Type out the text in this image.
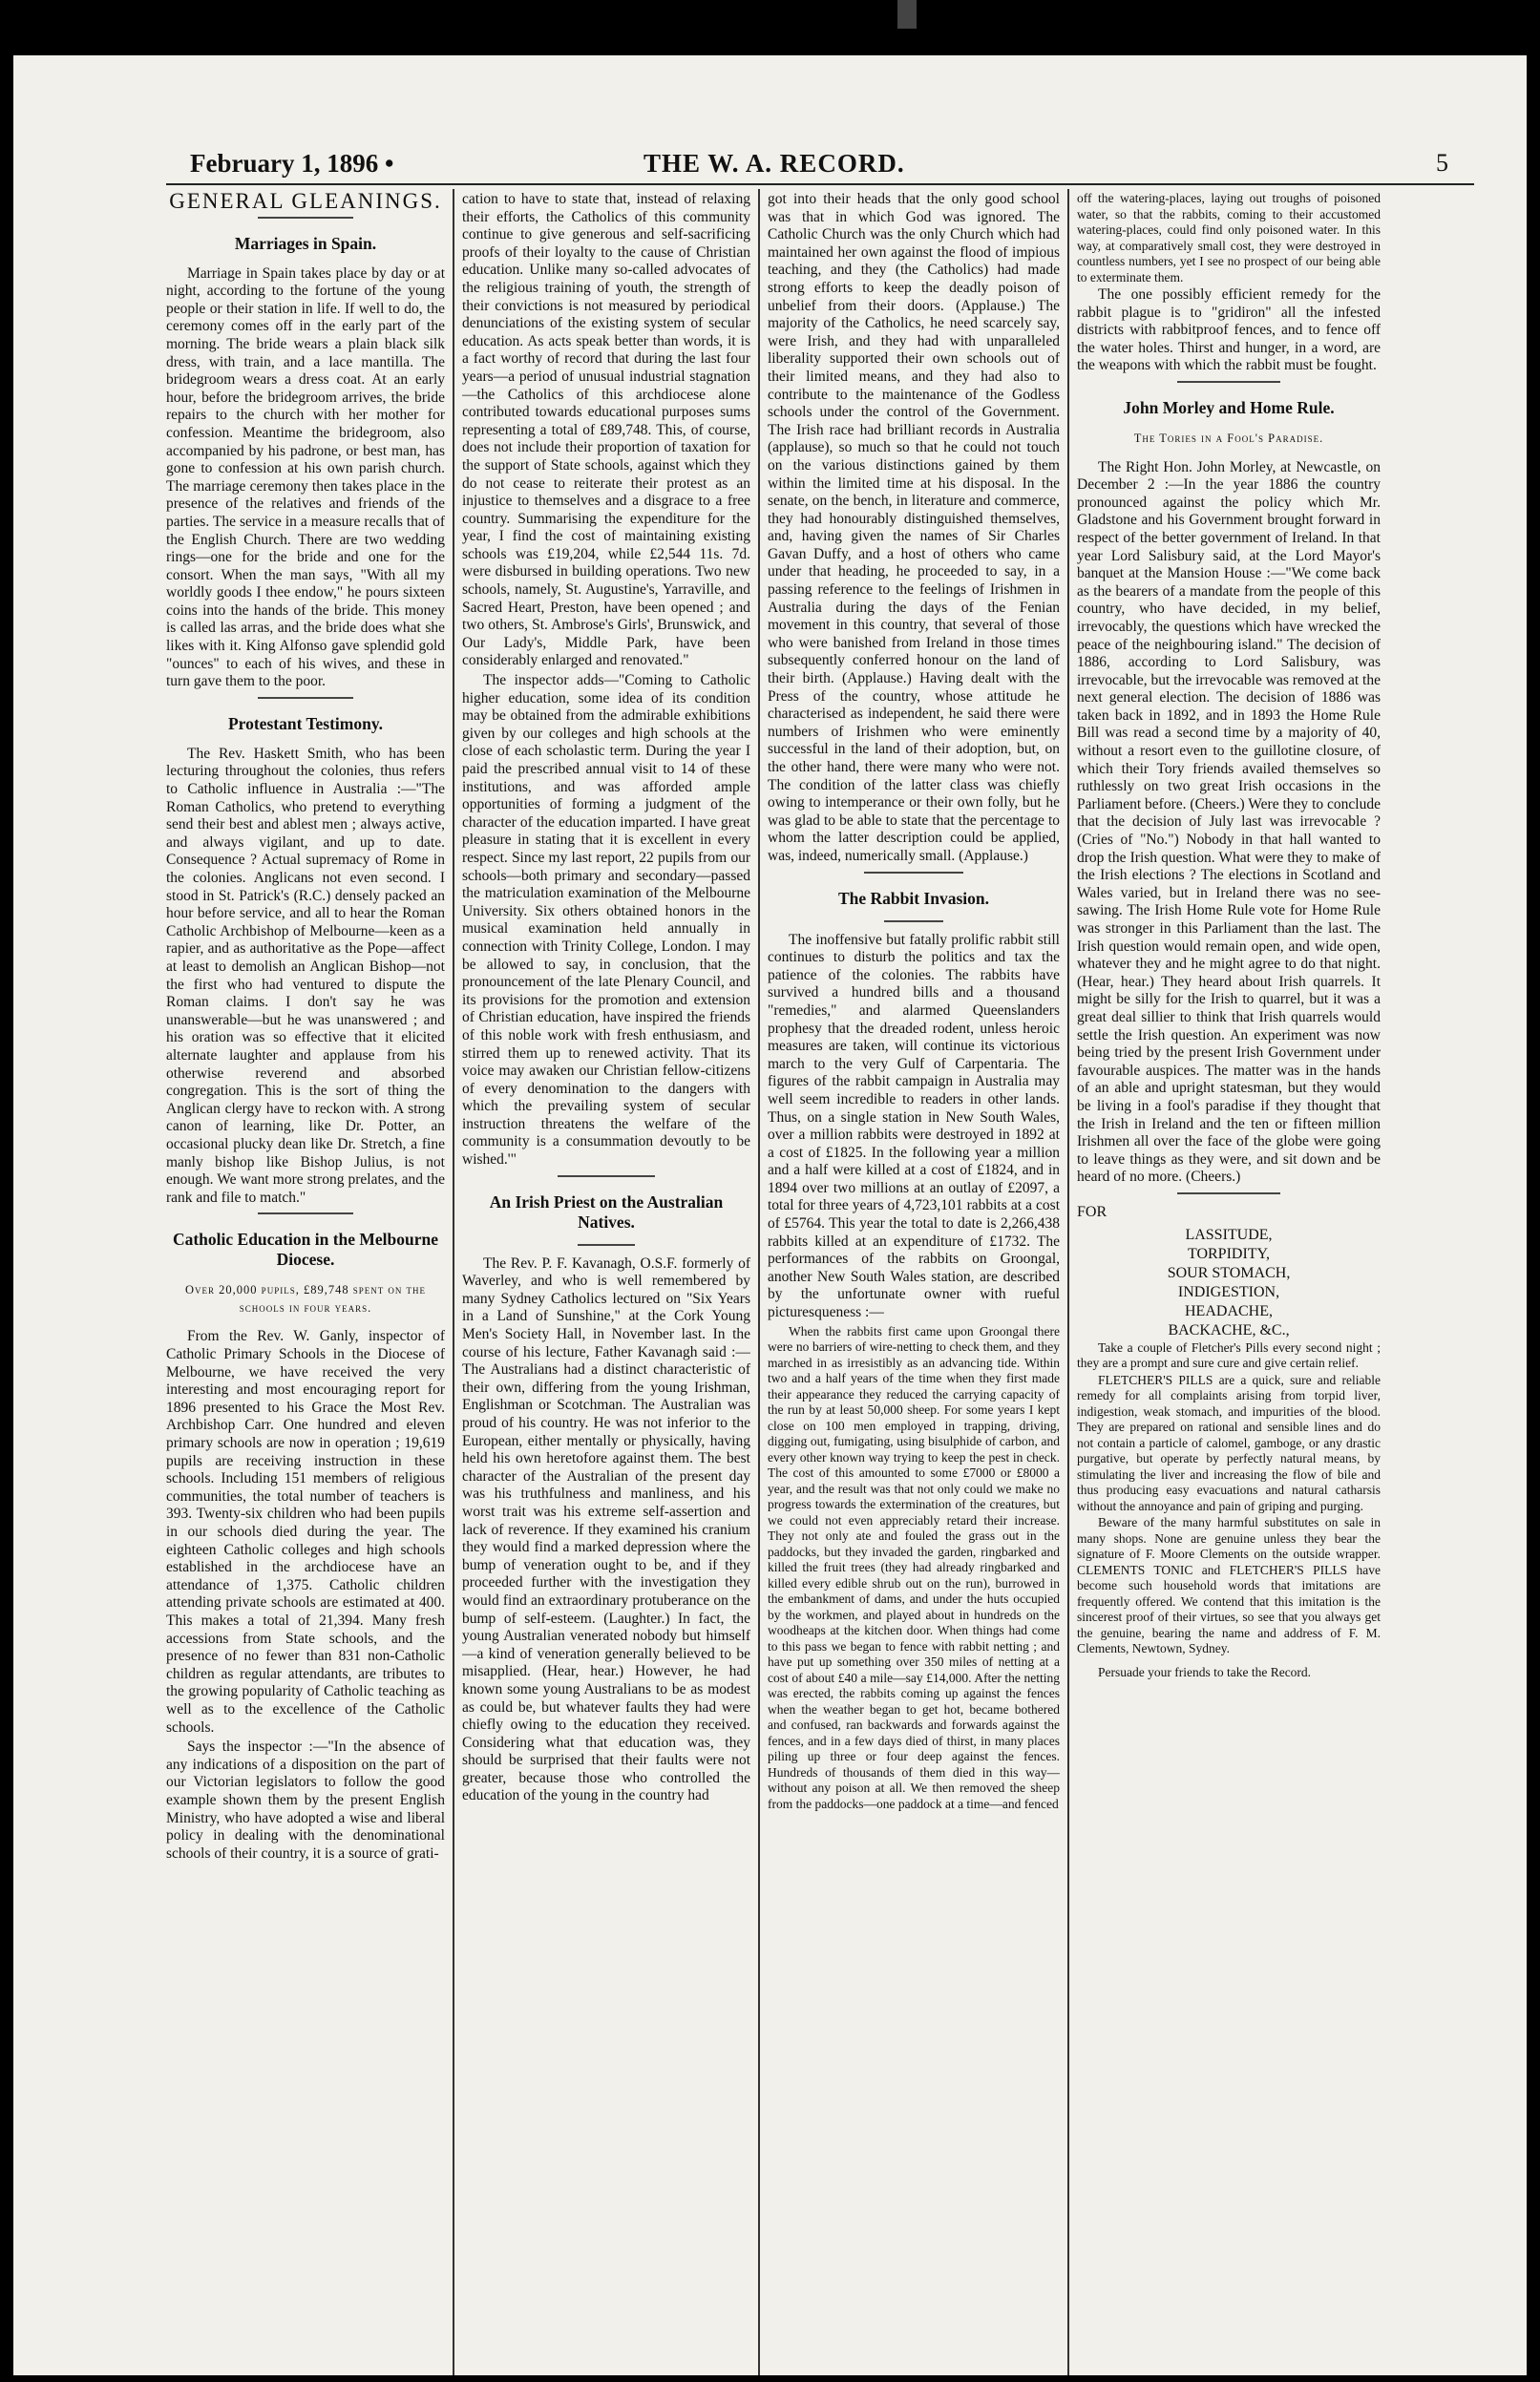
February 1, 1896 •	THE W. A. RECORD.	5
GENERAL GLEANINGS.
Marriages in Spain.

Marriage in Spain takes place by day or at night, according to the fortune of the young people or their station in life. If well to do, the ceremony comes off in the early part of the morning. The bride wears a plain black silk dress, with train, and a lace mantilla. The bridegroom wears a dress coat. At an early hour, before the bridegroom arrives, the bride repairs to the church with her mother for confession. Meantime the bridegroom, also accompanied by his padrone, or best man, has gone to confession at his own parish church. The marriage ceremony then takes place in the presence of the relatives and friends of the parties. The service in a measure recalls that of the English Church. There are two wedding rings—one for the bride and one for the consort. When the man says, "With all my worldly goods I thee endow," he pours sixteen coins into the hands of the bride. This money is called las arras, and the bride does what she likes with it. King Alfonso gave splendid gold "ounces" to each of his wives, and these in turn gave them to the poor.

Protestant Testimony.

The Rev. Haskett Smith, who has been lecturing throughout the colonies, thus refers to Catholic influence in Australia :—"The Roman Catholics, who pretend to everything send their best and ablest men ; always active, and always vigilant, and up to date. Consequence ? Actual supremacy of Rome in the colonies. Anglicans not even second. I stood in St. Patrick's (R.C.) densely packed an hour before service, and all to hear the Roman Catholic Archbishop of Melbourne—keen as a rapier, and as authoritative as the Pope—affect at least to demolish an Anglican Bishop—not the first who had ventured to dispute the Roman claims. I don't say he was unanswerable—but he was unanswered ; and his oration was so effective that it elicited alternate laughter and applause from his otherwise reverend and absorbed congregation. This is the sort of thing the Anglican clergy have to reckon with. A strong canon of learning, like Dr. Potter, an occasional plucky dean like Dr. Stretch, a fine manly bishop like Bishop Julius, is not enough. We want more strong prelates, and the rank and file to match."

Catholic Education in the Melbourne Diocese.
Over 20,000 pupils, £89,748 spent on the schools in four years.

From the Rev. W. Ganly, inspector of Catholic Primary Schools in the Diocese of Melbourne, we have received the very interesting and most encouraging report for 1896 presented to his Grace the Most Rev. Archbishop Carr. One hundred and eleven primary schools are now in operation ; 19,619 pupils are receiving instruction in these schools. Including 151 members of religious communities, the total number of teachers is 393. Twenty-six children who had been pupils in our schools died during the year. The eighteen Catholic colleges and high schools established in the archdiocese have an attendance of 1,375. Catholic children attending private schools are estimated at 400. This makes a total of 21,394. Many fresh accessions from State schools, and the presence of no fewer than 831 non-Catholic children as regular attendants, are tributes to the growing popularity of Catholic teaching as well as to the excellence of the Catholic schools.

Says the inspector :—"In the absence of any indications of a disposition on the part of our Victorian legislators to follow the good example shown them by the present English Ministry, who have adopted a wise and liberal policy in dealing with the denominational schools of their country, it is a source of grati-

cation to have to state that, instead of relaxing their efforts, the Catholics of this community continue to give generous and self-sacrificing proofs of their loyalty to the cause of Christian education. Unlike many so-called advocates of the religious training of youth, the strength of their convictions is not measured by periodical denunciations of the existing system of secular education. As acts speak better than words, it is a fact worthy of record that during the last four years—a period of unusual industrial stagnation—the Catholics of this archdiocese alone contributed towards educational purposes sums representing a total of £89,748. This, of course, does not include their proportion of taxation for the support of State schools, against which they do not cease to reiterate their protest as an injustice to themselves and a disgrace to a free country. Summarising the expenditure for the year, I find the cost of maintaining existing schools was £19,204, while £2,544 11s. 7d. were disbursed in building operations. Two new schools, namely, St. Augustine's, Yarraville, and Sacred Heart, Preston, have been opened ; and two others, St. Ambrose's Girls', Brunswick, and Our Lady's, Middle Park, have been considerably enlarged and renovated."

The inspector adds—"Coming to Catholic higher education, some idea of its condition may be obtained from the admirable exhibitions given by our colleges and high schools at the close of each scholastic term. During the year I paid the prescribed annual visit to 14 of these institutions, and was afforded ample opportunities of forming a judgment of the character of the education imparted. I have great pleasure in stating that it is excellent in every respect. Since my last report, 22 pupils from our schools—both primary and secondary—passed the matriculation examination of the Melbourne University. Six others obtained honors in the musical examination held annually in connection with Trinity College, London. I may be allowed to say, in conclusion, that the pronouncement of the late Plenary Council, and its provisions for the promotion and extension of Christian education, have inspired the friends of this noble work with fresh enthusiasm, and stirred them up to renewed activity. That its voice may awaken our Christian fellow-citizens of every denomination to the dangers with which the prevailing system of secular instruction threatens the welfare of the community is a consummation devoutly to be wished.'"

An Irish Priest on the Australian Natives.

The Rev. P. F. Kavanagh, O.S.F. formerly of Waverley, and who is well remembered by many Sydney Catholics lectured on "Six Years in a Land of Sunshine," at the Cork Young Men's Society Hall, in November last. In the course of his lecture, Father Kavanagh said :—The Australians had a distinct characteristic of their own, differing from the young Irishman, Englishman or Scotchman. The Australian was proud of his country. He was not inferior to the European, either mentally or physically, having held his own heretofore against them. The best character of the Australian of the present day was his truthfulness and manliness, and his worst trait was his extreme self-assertion and lack of reverence. If they examined his cranium they would find a marked depression where the bump of veneration ought to be, and if they proceeded further with the investigation they would find an extraordinary protuberance on the bump of self-esteem. (Laughter.) In fact, the young Australian venerated nobody but himself—a kind of veneration generally believed to be misapplied. (Hear, hear.) However, he had known some young Australians to be as modest as could be, but whatever faults they had were chiefly owing to the education they received. Considering what that education was, they should be surprised that their faults were not greater, because those who controlled the education of the young in the country had

got into their heads that the only good school was that in which God was ignored. The Catholic Church was the only Church which had maintained her own against the flood of impious teaching, and they (the Catholics) had made strong efforts to keep the deadly poison of unbelief from their doors. (Applause.) The majority of the Catholics, he need scarcely say, were Irish, and they had with unparalleled liberality supported their own schools out of their limited means, and they had also to contribute to the maintenance of the Godless schools under the control of the Government. The Irish race had brilliant records in Australia (applause), so much so that he could not touch on the various distinctions gained by them within the limited time at his disposal. In the senate, on the bench, in literature and commerce, they had honourably distinguished themselves, and, having given the names of Sir Charles Gavan Duffy, and a host of others who came under that heading, he proceeded to say, in a passing reference to the feelings of Irishmen in Australia during the days of the Fenian movement in this country, that several of those who were banished from Ireland in those times subsequently conferred honour on the land of their birth. (Applause.) Having dealt with the Press of the country, whose attitude he characterised as independent, he said there were numbers of Irishmen who were eminently successful in the land of their adoption, but, on the other hand, there were many who were not. The condition of the latter class was chiefly owing to intemperance or their own folly, but he was glad to be able to state that the percentage to whom the latter description could be applied, was, indeed, numerically small. (Applause.)

The Rabbit Invasion.

The inoffensive but fatally prolific rabbit still continues to disturb the politics and tax the patience of the colonies. The rabbits have survived a hundred bills and a thousand "remedies," and alarmed Queenslanders prophesy that the dreaded rodent, unless heroic measures are taken, will continue its victorious march to the very Gulf of Carpentaria. The figures of the rabbit campaign in Australia may well seem incredible to readers in other lands. Thus, on a single station in New South Wales, over a million rabbits were destroyed in 1892 at a cost of £1825. In the following year a million and a half were killed at a cost of £1824, and in 1894 over two millions at an outlay of £2097, a total for three years of 4,723,101 rabbits at a cost of £5764. This year the total to date is 2,266,438 rabbits killed at an expenditure of £1732. The performances of the rabbits on Groongal, another New South Wales station, are described by the unfortunate owner with rueful picturesqueness :—

When the rabbits first came upon Groongal there were no barriers of wire-netting to check them, and they marched in as irresistibly as an advancing tide. Within two and a half years of the time when they first made their appearance they reduced the carrying capacity of the run by at least 50,000 sheep. For some years I kept close on 100 men employed in trapping, driving, digging out, fumigating, using bisulphide of carbon, and every other known way trying to keep the pest in check. The cost of this amounted to some £7000 or £8000 a year, and the result was that not only could we make no progress towards the extermination of the creatures, but we could not even appreciably retard their increase. They not only ate and fouled the grass out in the paddocks, but they invaded the garden, ringbarked and killed the fruit trees (they had already ringbarked and killed every edible shrub out on the run), burrowed in the embankment of dams, and under the huts occupied by the workmen, and played about in hundreds on the woodheaps at the kitchen door. When things had come to this pass we began to fence with rabbit netting ; and have put up something over 350 miles of netting at a cost of about £40 a mile—say £14,000. After the netting was erected, the rabbits coming up against the fences when the weather began to get hot, became bothered and confused, ran backwards and forwards against the fences, and in a few days died of thirst, in many places piling up three or four deep against the fences. Hundreds of thousands of them died in this way—without any poison at all. We then removed the sheep from the paddocks—one paddock at a time—and fenced

off the watering-places, laying out troughs of poisoned water, so that the rabbits, coming to their accustomed watering-places, could find only poisoned water. In this way, at comparatively small cost, they were destroyed in countless numbers, yet I see no prospect of our being able to exterminate them.

The one possibly efficient remedy for the rabbit plague is to "gridiron" all the infested districts with rabbitproof fences, and to fence off the water holes. Thirst and hunger, in a word, are the weapons with which the rabbit must be fought.

John Morley and Home Rule.
The Tories in a Fool's Paradise.

The Right Hon. John Morley, at Newcastle, on December 2 :—In the year 1886 the country pronounced against the policy which Mr. Gladstone and his Government brought forward in respect of the better government of Ireland. In that year Lord Salisbury said, at the Lord Mayor's banquet at the Mansion House :—"We come back as the bearers of a mandate from the people of this country, who have decided, in my belief, irrevocably, the questions which have wrecked the peace of the neighbouring island." The decision of 1886, according to Lord Salisbury, was irrevocable, but the irrevocable was removed at the next general election. The decision of 1886 was taken back in 1892, and in 1893 the Home Rule Bill was read a second time by a majority of 40, without a resort even to the guillotine closure, of which their Tory friends availed themselves so ruthlessly on two great Irish occasions in the Parliament before. (Cheers.) Were they to conclude that the decision of July last was irrevocable ? (Cries of "No.") Nobody in that hall wanted to drop the Irish question. What were they to make of the Irish elections ? The elections in Scotland and Wales varied, but in Ireland there was no see-sawing. The Irish Home Rule vote for Home Rule was stronger in this Parliament than the last. The Irish question would remain open, and wide open, whatever they and he might agree to do that night. (Hear, hear.) They heard about Irish quarrels. It might be silly for the Irish to quarrel, but it was a great deal sillier to think that Irish quarrels would settle the Irish question. An experiment was now being tried by the present Irish Government under favourable auspices. The matter was in the hands of an able and upright statesman, but they would be living in a fool's paradise if they thought that the Irish in Ireland and the ten or fifteen million Irishmen all over the face of the globe were going to leave things as they were, and sit down and be heard of no more. (Cheers.)

FOR
LASSITUDE,
TORPIDITY,
SOUR STOMACH,
INDIGESTION,
HEADACHE,
BACKACHE, &C.,

Take a couple of Fletcher's Pills every second night ; they are a prompt and sure cure and give certain relief.

FLETCHER'S PILLS are a quick, sure and reliable remedy for all complaints arising from torpid liver, indigestion, weak stomach, and impurities of the blood. They are prepared on rational and sensible lines and do not contain a particle of calomel, gamboge, or any drastic purgative, but operate by perfectly natural means, by stimulating the liver and increasing the flow of bile and thus producing easy evacuations and natural catharsis without the annoyance and pain of griping and purging.

Beware of the many harmful substitutes on sale in many shops. None are genuine unless they bear the signature of F. Moore Clements on the outside wrapper. CLEMENTS TONIC and FLETCHER'S PILLS have become such household words that imitations are frequently offered. We contend that this imitation is the sincerest proof of their virtues, so see that you always get the genuine, bearing the name and address of F. M. Clements, Newtown, Sydney.

Persuade your friends to take the Record.
